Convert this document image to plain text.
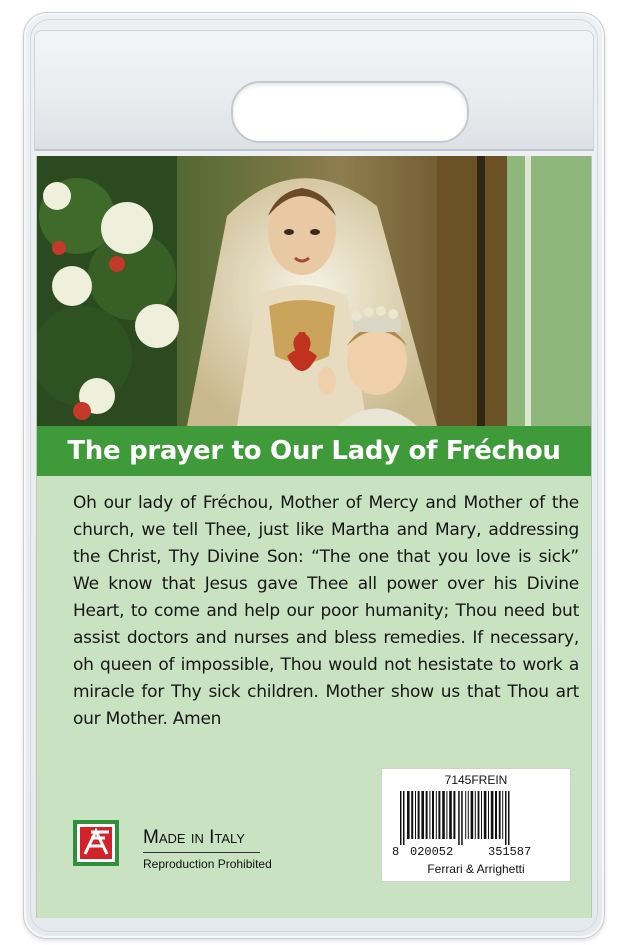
The prayer to Our Lady of Fréchou
Oh our lady of Fréchou, Mother of Mercy and Mother of the church, we tell Thee, just like Martha and Mary, addressing the Christ, Thy Divine Son: “The one that you love is sick” We know that Jesus gave Thee all power over his Divine Heart, to come and help our poor humanity; Thou need but assist doctors and nurses and bless remedies. If necessary, oh queen of impossible, Thou would not hesistate to work a miracle for Thy sick children. Mother show us that Thou art our Mother. Amen
Made in Italy
Reproduction Prohibited
7145FREIN
8 020052	351587
Ferrari & Arrighetti
